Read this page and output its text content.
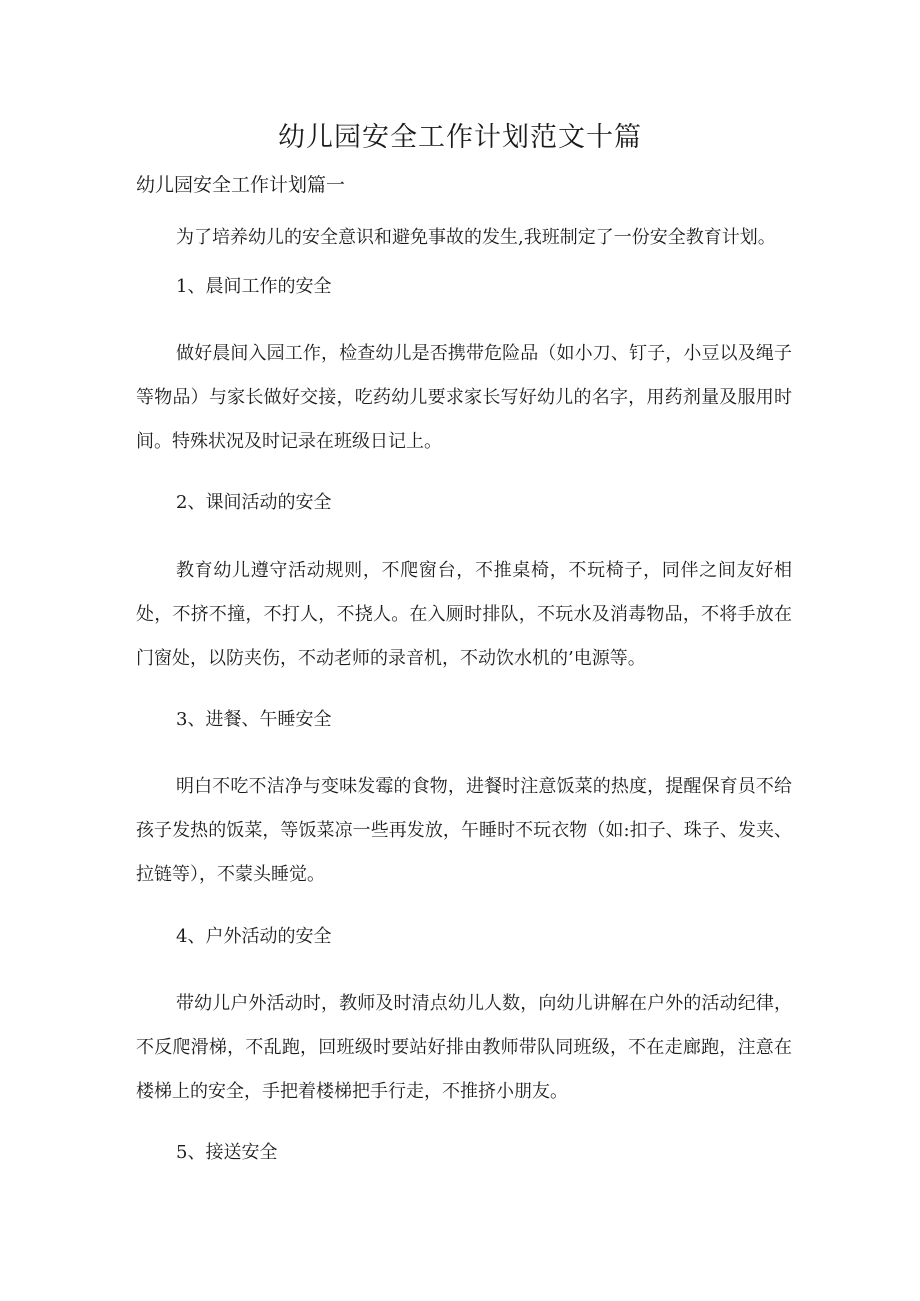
幼儿园安全工作计划范文十篇
幼儿园安全工作计划篇一
为了培养幼儿的安全意识和避免事故的发生,我班制定了一份安全教育计划。
1、晨间工作的安全
做好晨间入园工作，检查幼儿是否携带危险品（如小刀、钉子，小豆以及绳子等物品）与家长做好交接，吃药幼儿要求家长写好幼儿的名字，用药剂量及服用时间。特殊状况及时记录在班级日记上。
2、课间活动的安全
教育幼儿遵守活动规则，不爬窗台，不推桌椅，不玩椅子，同伴之间友好相处，不挤不撞，不打人，不挠人。在入厕时排队，不玩水及消毒物品，不将手放在门窗处，以防夹伤，不动老师的录音机，不动饮水机的’电源等。
3、进餐、午睡安全
明白不吃不洁净与变味发霉的食物，进餐时注意饭菜的热度，提醒保育员不给孩子发热的饭菜，等饭菜凉一些再发放，午睡时不玩衣物（如:扣子、珠子、发夹、拉链等），不蒙头睡觉。
4、户外活动的安全
带幼儿户外活动时，教师及时清点幼儿人数，向幼儿讲解在户外的活动纪律，不反爬滑梯，不乱跑，回班级时要站好排由教师带队同班级，不在走廊跑，注意在楼梯上的安全，手把着楼梯把手行走，不推挤小朋友。
5、接送安全
